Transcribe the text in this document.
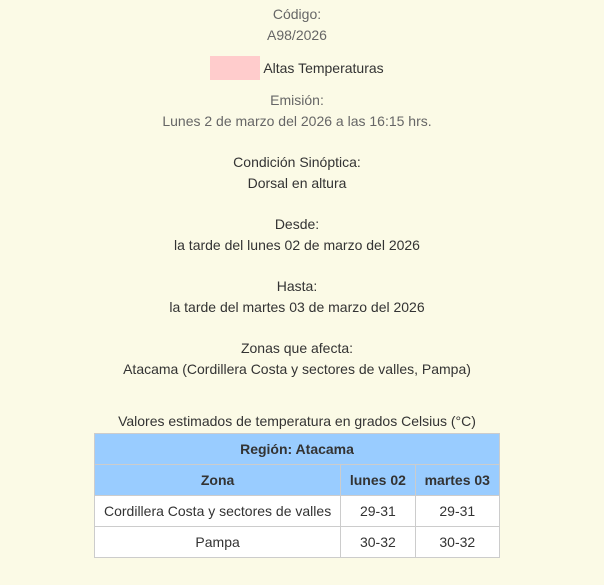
Código:
A98/2026
Altas Temperaturas
Emisión:
Lunes 2 de marzo del 2026 a las 16:15 hrs.
Condición Sinóptica:
Dorsal en altura
Desde:
la tarde del lunes 02 de marzo del 2026
Hasta:
la tarde del martes 03 de marzo del 2026
Zonas que afecta:
Atacama (Cordillera Costa y sectores de valles, Pampa)
Valores estimados de temperatura en grados Celsius (°C)
Región: Atacama		
Zona	lunes 02	martes 03
Cordillera Costa y sectores de valles	29-31	29-31
Pampa	30-32	30-32
